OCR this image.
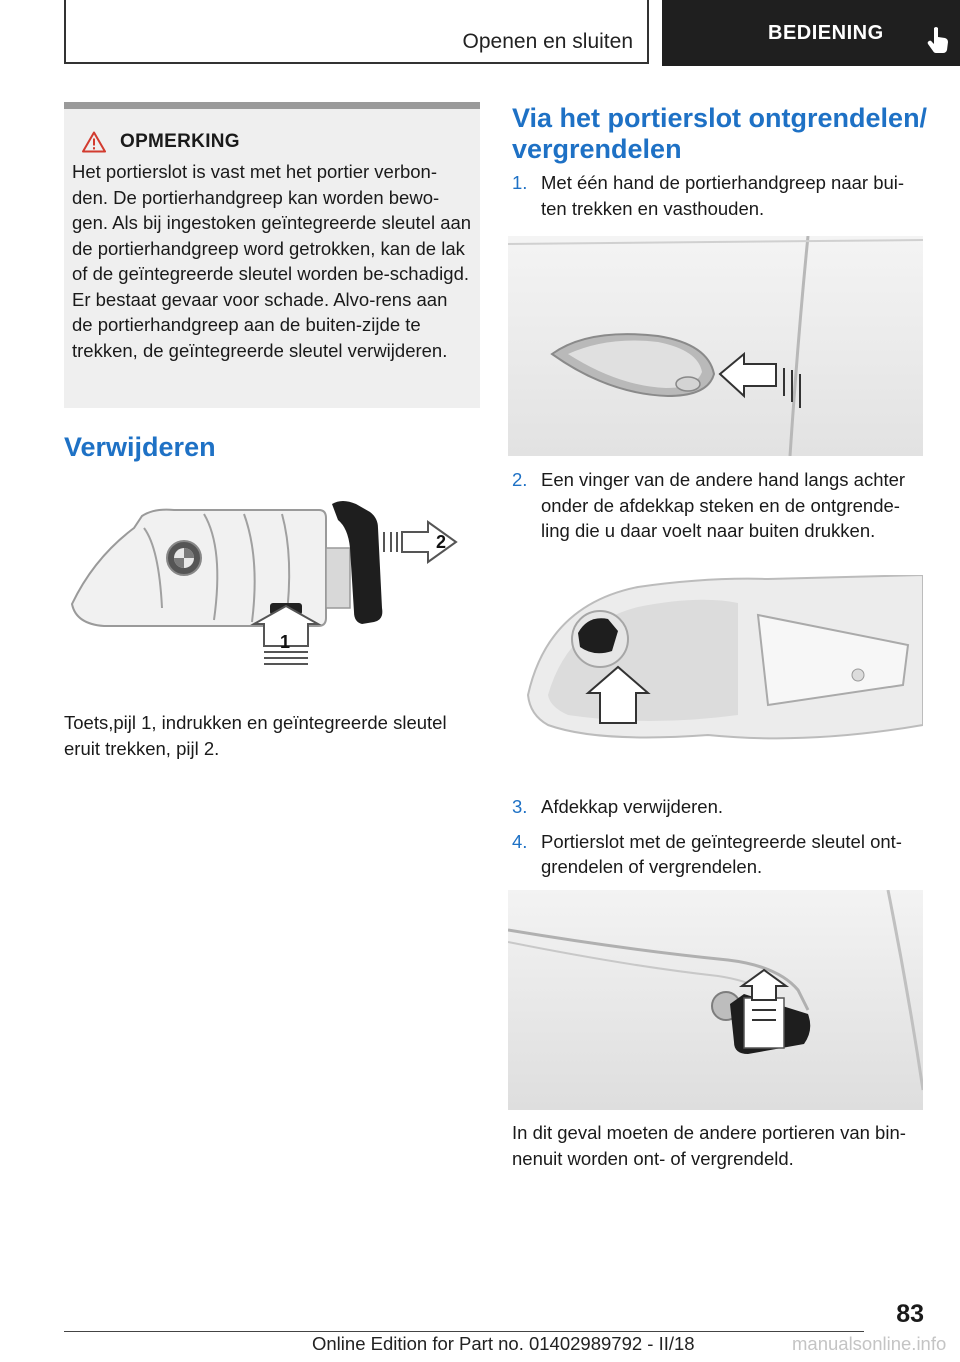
Openen en sluiten	BEDIENING
OPMERKING

Het portierslot is vast met het portier verbon-den. De portierhandgreep kan worden bewo-gen. Als bij ingestoken geïntegreerde sleutel aan de portierhandgreep word getrokken, kan de lak of de geïntegreerde sleutel worden be-schadigd. Er bestaat gevaar voor schade. Alvo-rens aan de portierhandgreep aan de buiten-zijde te trekken, de geïntegreerde sleutel verwijderen.

Verwijderen
2
1

Toets,pijl 1, indrukken en geïntegreerde sleutel eruit trekken, pijl 2.

Via het portierslot ontgrendelen/ vergrendelen
1. Met één hand de portierhandgreep naar bui-ten trekken en vasthouden.
2. Een vinger van de andere hand langs achter onder de afdekkap steken en de ontgrende-ling die u daar voelt naar buiten drukken.
3. Afdekkap verwijderen.
4. Portierslot met de geïntegreerde sleutel ont-grendelen of vergrendelen.

In dit geval moeten de andere portieren van bin-nenuit worden ont- of vergrendeld.

83
Online Edition for Part no. 01402989792 - II/18	manualsonline.info
